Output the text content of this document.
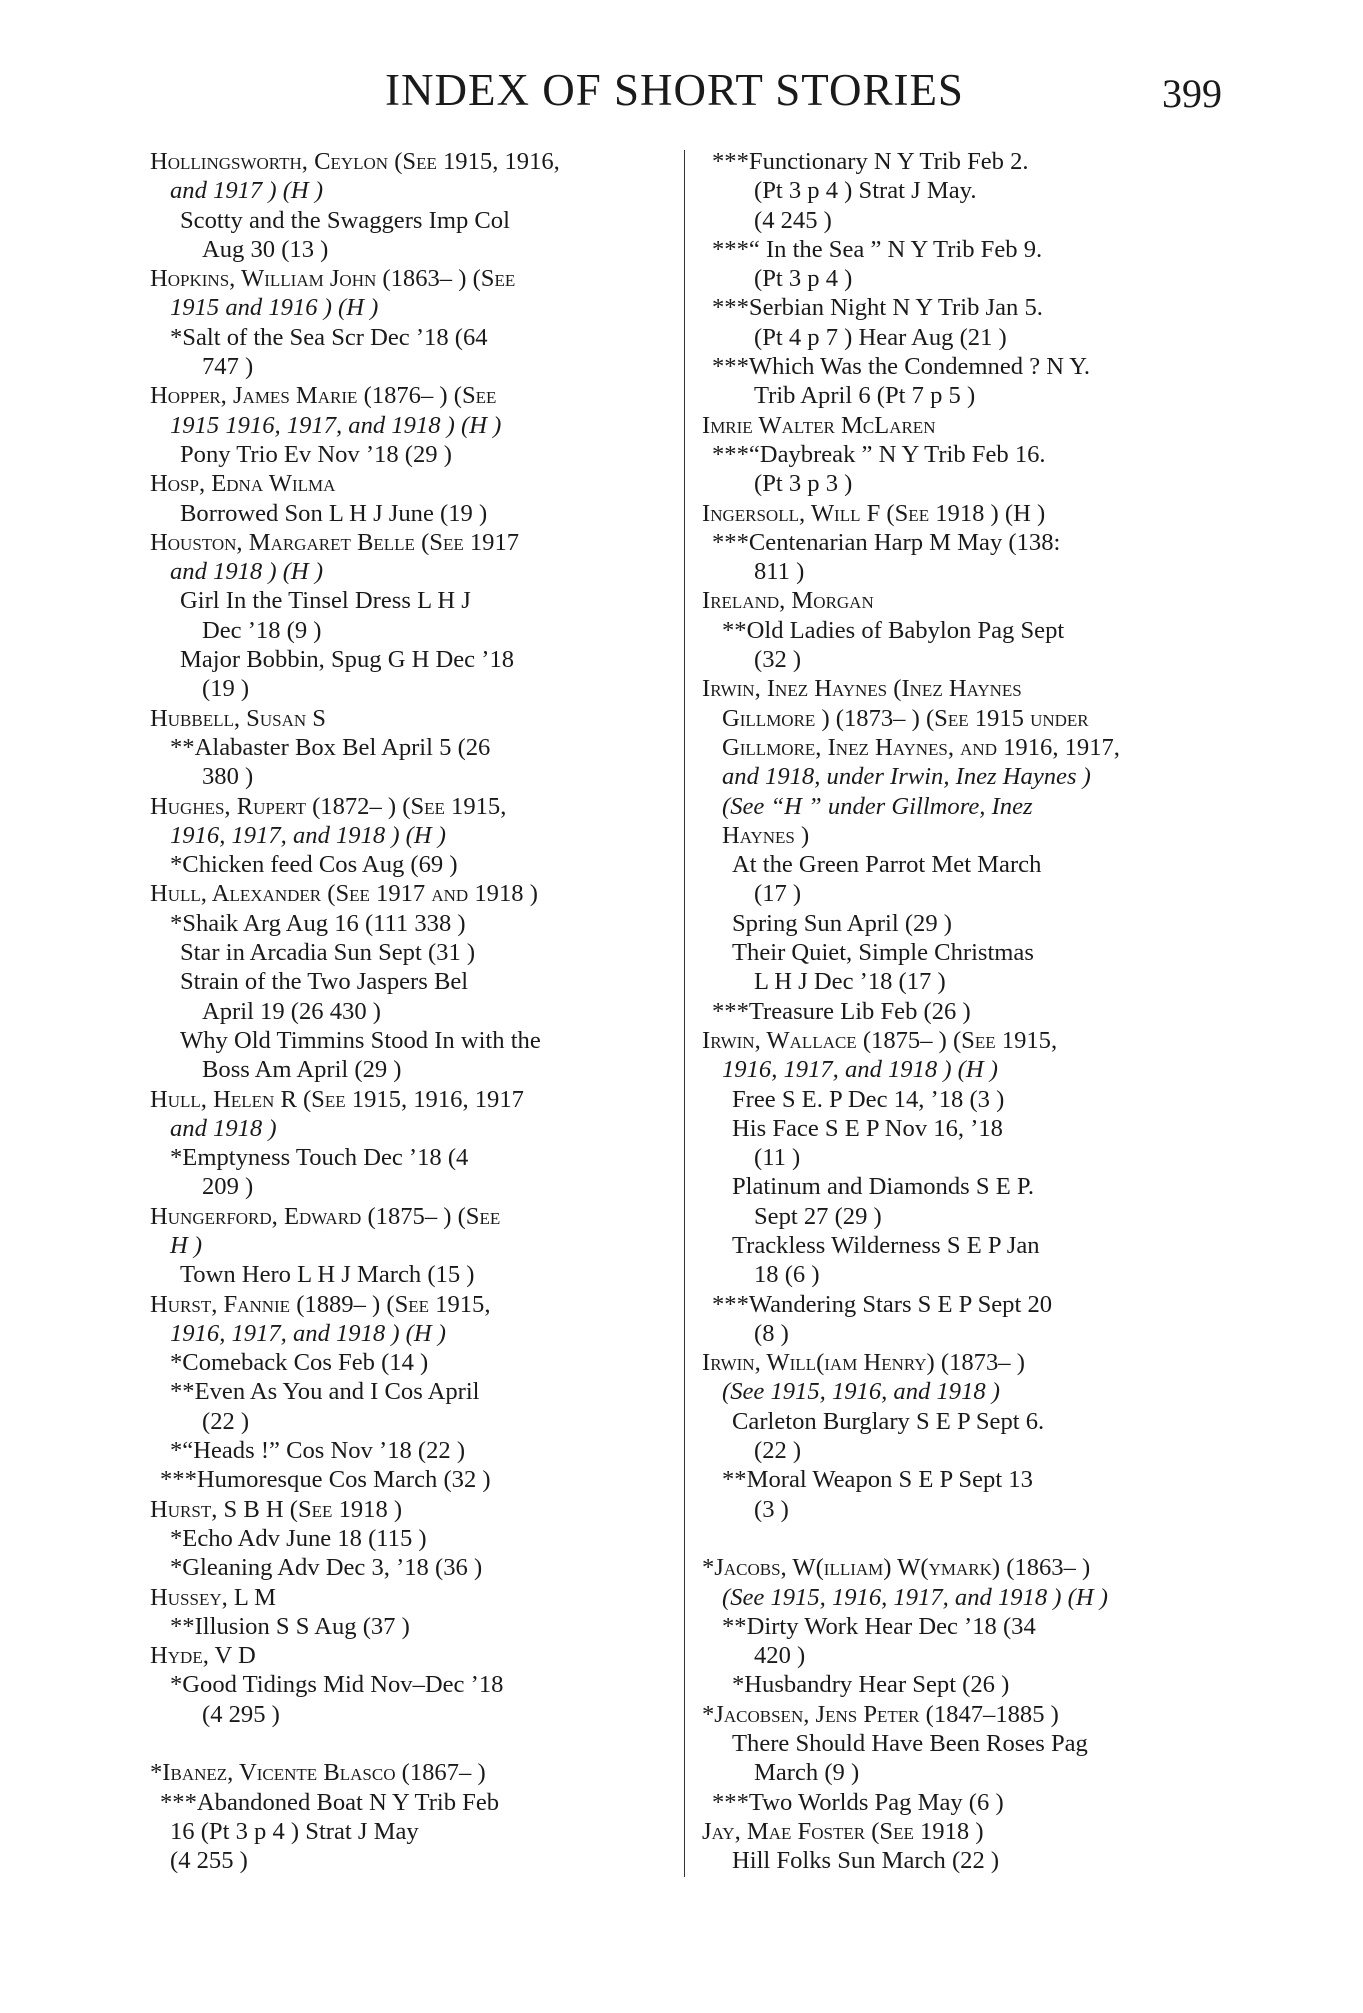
INDEX OF SHORT STORIES	399
Hollingsworth, Ceylon (See 1915, 1916,
and 1917 ) (H )
Scotty and the Swaggers Imp Col
Aug 30 (13 )
Hopkins, William John (1863– ) (See
1915 and 1916 ) (H )
*Salt of the Sea Scr Dec ’18 (64
747 )
Hopper, James Marie (1876– ) (See
1915 1916, 1917, and 1918 ) (H )
Pony Trio Ev Nov ’18 (29 )
Hosp, Edna Wilma
Borrowed Son L H J June (19 )
Houston, Margaret Belle (See 1917
and 1918 ) (H )
Girl In the Tinsel Dress L H J
Dec ’18 (9 )
Major Bobbin, Spug G H Dec ’18
(19 )
Hubbell, Susan S
**Alabaster Box Bel April 5 (26
380 )
Hughes, Rupert (1872– ) (See 1915,
1916, 1917, and 1918 ) (H )
*Chicken feed Cos Aug (69 )
Hull, Alexander (See 1917 and 1918 )
*Shaik Arg Aug 16 (111 338 )
Star in Arcadia Sun Sept (31 )
Strain of the Two Jaspers Bel
April 19 (26 430 )
Why Old Timmins Stood In with the
Boss Am April (29 )
Hull, Helen R (See 1915, 1916, 1917
and 1918 )
*Emptyness Touch Dec ’18 (4
209 )
Hungerford, Edward (1875– ) (See
H )
Town Hero L H J March (15 )
Hurst, Fannie (1889– ) (See 1915,
1916, 1917, and 1918 ) (H )
*Comeback Cos Feb (14 )
**Even As You and I Cos April
(22 )
*“Heads !” Cos Nov ’18 (22 )
***Humoresque Cos March (32 )
Hurst, S B H (See 1918 )
*Echo Adv June 18 (115 )
*Gleaning Adv Dec 3, ’18 (36 )
Hussey, L M
**Illusion S S Aug (37 )
Hyde, V D
*Good Tidings Mid Nov–Dec ’18
(4 295 )
*Ibanez, Vicente Blasco (1867– )
***Abandoned Boat N Y Trib Feb
16 (Pt 3 p 4 ) Strat J May
(4 255 )
***Functionary N Y Trib Feb 2.
(Pt 3 p 4 ) Strat J May.
(4 245 )
***“ In the Sea ” N Y Trib Feb 9.
(Pt 3 p 4 )
***Serbian Night N Y Trib Jan 5.
(Pt 4 p 7 ) Hear Aug (21 )
***Which Was the Condemned ? N Y.
Trib April 6 (Pt 7 p 5 )
Imrie Walter McLaren
***“Daybreak ” N Y Trib Feb 16.
(Pt 3 p 3 )
Ingersoll, Will F (See 1918 ) (H )
***Centenarian Harp M May (138:
811 )
Ireland, Morgan
**Old Ladies of Babylon Pag Sept
(32 )
Irwin, Inez Haynes (Inez Haynes
Gillmore ) (1873– ) (See 1915 under
Gillmore, Inez Haynes, and 1916, 1917,
and 1918, under Irwin, Inez Haynes )
(See “H ” under Gillmore, Inez
Haynes )
At the Green Parrot Met March
(17 )
Spring Sun April (29 )
Their Quiet, Simple Christmas
L H J Dec ’18 (17 )
***Treasure Lib Feb (26 )
Irwin, Wallace (1875– ) (See 1915,
1916, 1917, and 1918 ) (H )
Free S E. P Dec 14, ’18 (3 )
His Face S E P Nov 16, ’18
(11 )
Platinum and Diamonds S E P.
Sept 27 (29 )
Trackless Wilderness S E P Jan
18 (6 )
***Wandering Stars S E P Sept 20
(8 )
Irwin, Will(iam Henry) (1873– )
(See 1915, 1916, and 1918 )
Carleton Burglary S E P Sept 6.
(22 )
**Moral Weapon S E P Sept 13
(3 )
*Jacobs, W(illiam) W(ymark) (1863– )
(See 1915, 1916, 1917, and 1918 ) (H )
**Dirty Work Hear Dec ’18 (34
420 )
*Husbandry Hear Sept (26 )
*Jacobsen, Jens Peter (1847–1885 )
There Should Have Been Roses Pag
March (9 )
***Two Worlds Pag May (6 )
Jay, Mae Foster (See 1918 )
Hill Folks Sun March (22 )
